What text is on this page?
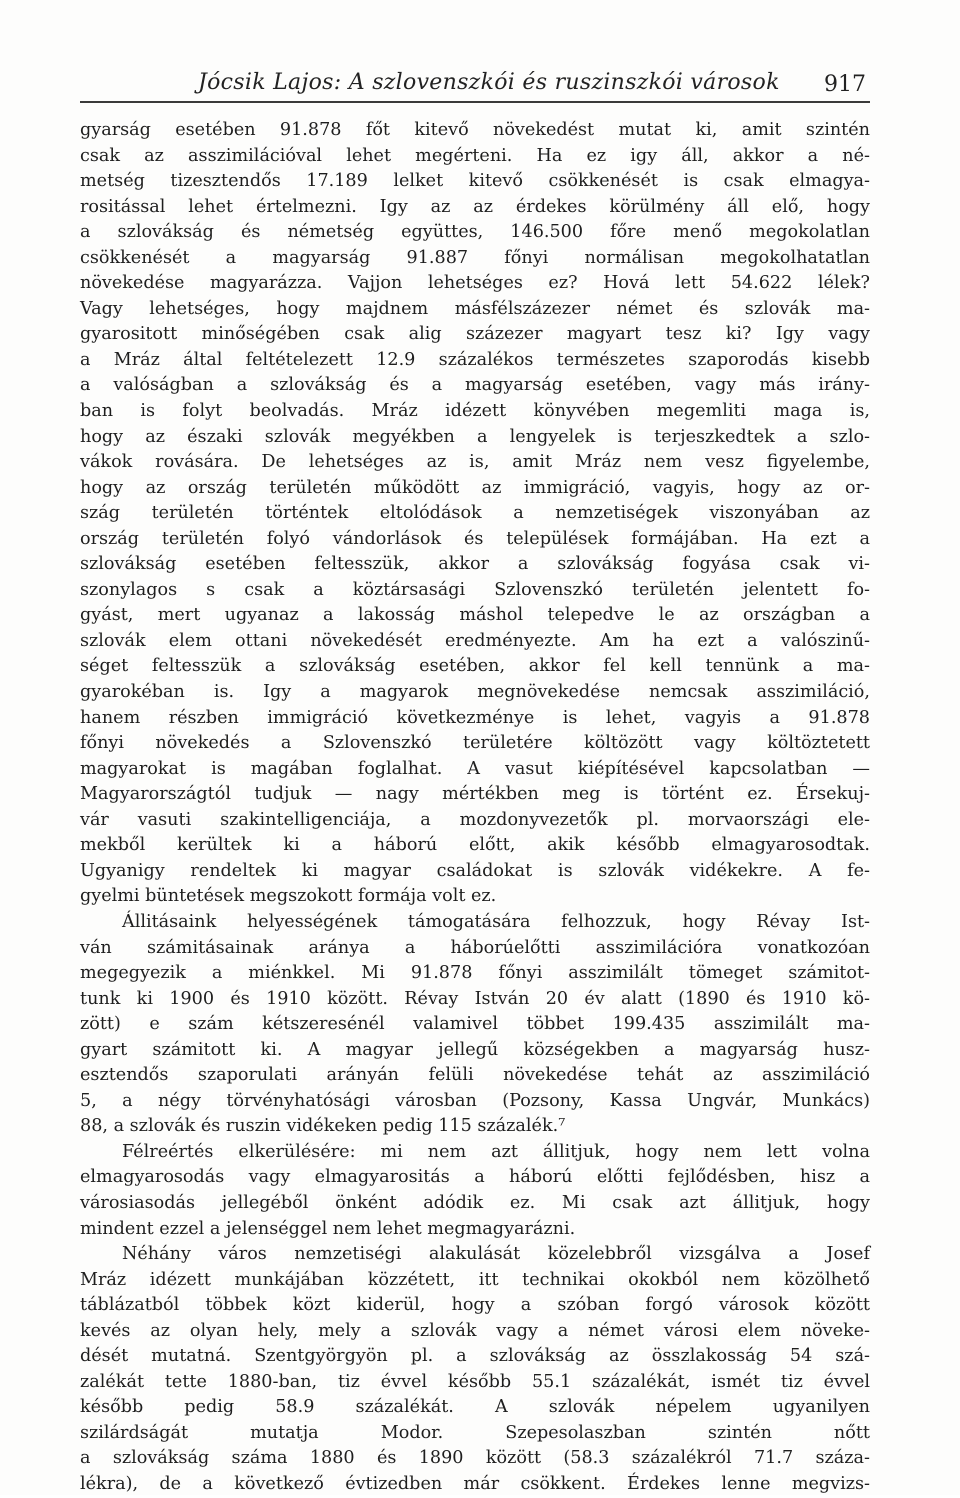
Jócsik Lajos: A szlovenszkói és ruszinszkói városok 917
gyarság esetében 91.878 főt kitevő növekedést mutat ki, amit szintén
csak az asszimilációval lehet megérteni. Ha ez igy áll, akkor a né-
metség tizesztendős 17.189 lelket kitevő csökkenését is csak elmagya-
rositással lehet értelmezni. Igy az az érdekes körülmény áll elő, hogy
a szlovákság és németség együttes, 146.500 főre menő megokolatlan
csökkenését a magyarság 91.887 főnyi normálisan megokolhatatlan
növekedése magyarázza. Vajjon lehetséges ez? Hová lett 54.622 lélek?
Vagy lehetséges, hogy majdnem másfélszázezer német és szlovák ma-
gyarositott minőségében csak alig százezer magyart tesz ki? Igy vagy
a Mráz által feltételezett 12.9 százalékos természetes szaporodás kisebb
a valóságban a szlovákság és a magyarság esetében, vagy más irány-
ban is folyt beolvadás. Mráz idézett könyvében megemliti maga is,
hogy az északi szlovák megyékben a lengyelek is terjeszkedtek a szlo-
vákok rovására. De lehetséges az is, amit Mráz nem vesz figyelembe,
hogy az ország területén működött az immigráció, vagyis, hogy az or-
szág területén történtek eltolódások a nemzetiségek viszonyában az
ország területén folyó vándorlások és települések formájában. Ha ezt a
szlovákság esetében feltesszük, akkor a szlovákság fogyása csak vi-
szonylagos s csak a köztársasági Szlovenszkó területén jelentett fo-
gyást, mert ugyanaz a lakosság máshol telepedve le az országban a
szlovák elem ottani növekedését eredményezte. Am ha ezt a valószinű-
séget feltesszük a szlovákság esetében, akkor fel kell tennünk a ma-
gyarokéban is. Igy a magyarok megnövekedése nemcsak asszimiláció,
hanem részben immigráció következménye is lehet, vagyis a 91.878
főnyi növekedés a Szlovenszkó területére költözött vagy költöztetett
magyarokat is magában foglalhat. A vasut kiépítésével kapcsolatban —
Magyarországtól tudjuk — nagy mértékben meg is történt ez. Érsekuj-
vár vasuti szakintelligenciája, a mozdonyvezetők pl. morvaországi ele-
mekből kerültek ki a háború előtt, akik később elmagyarosodtak.
Ugyanigy rendeltek ki magyar családokat is szlovák vidékekre. A fe-
gyelmi büntetések megszokott formája volt ez.
Állitásaink helyességének támogatására felhozzuk, hogy Révay Ist-
ván számitásainak aránya a háborúelőtti asszimilációra vonatkozóan
megegyezik a miénkkel. Mi 91.878 főnyi asszimilált tömeget számitot-
tunk ki 1900 és 1910 között. Révay István 20 év alatt (1890 és 1910 kö-
zött) e szám kétszeresénél valamivel többet 199.435 asszimilált ma-
gyart számitott ki. A magyar jellegű községekben a magyarság husz-
esztendős szaporulati arányán felüli növekedése tehát az asszimiláció
5, a négy törvényhatósági városban (Pozsony, Kassa Ungvár, Munkács)
88, a szlovák és ruszin vidékeken pedig 115 százalék.⁷
Félreértés elkerülésére: mi nem azt állitjuk, hogy nem lett volna
elmagyarosodás vagy elmagyarositás a háború előtti fejlődésben, hisz a
városiasodás jellegéből önként adódik ez. Mi csak azt állitjuk, hogy
mindent ezzel a jelenséggel nem lehet megmagyarázni.
Néhány város nemzetiségi alakulását közelebbről vizsgálva a Josef
Mráz idézett munkájában közzétett, itt technikai okokból nem közölhető
táblázatból többek közt kiderül, hogy a szóban forgó városok között
kevés az olyan hely, mely a szlovák vagy a német városi elem növeke-
dését mutatná. Szentgyörgyön pl. a szlovákság az összlakosság 54 szá-
zalékát tette 1880-ban, tiz évvel később 55.1 százalékát, ismét tiz évvel
később pedig 58.9 százalékát. A szlovák népelem ugyanilyen
szilárdságát mutatja Modor. Szepesolaszban szintén nőtt
a szlovákság száma 1880 és 1890 között (58.3 százalékról 71.7 száza-
lékra), de a következő évtizedben már csökkent. Érdekes lenne megvizs-
